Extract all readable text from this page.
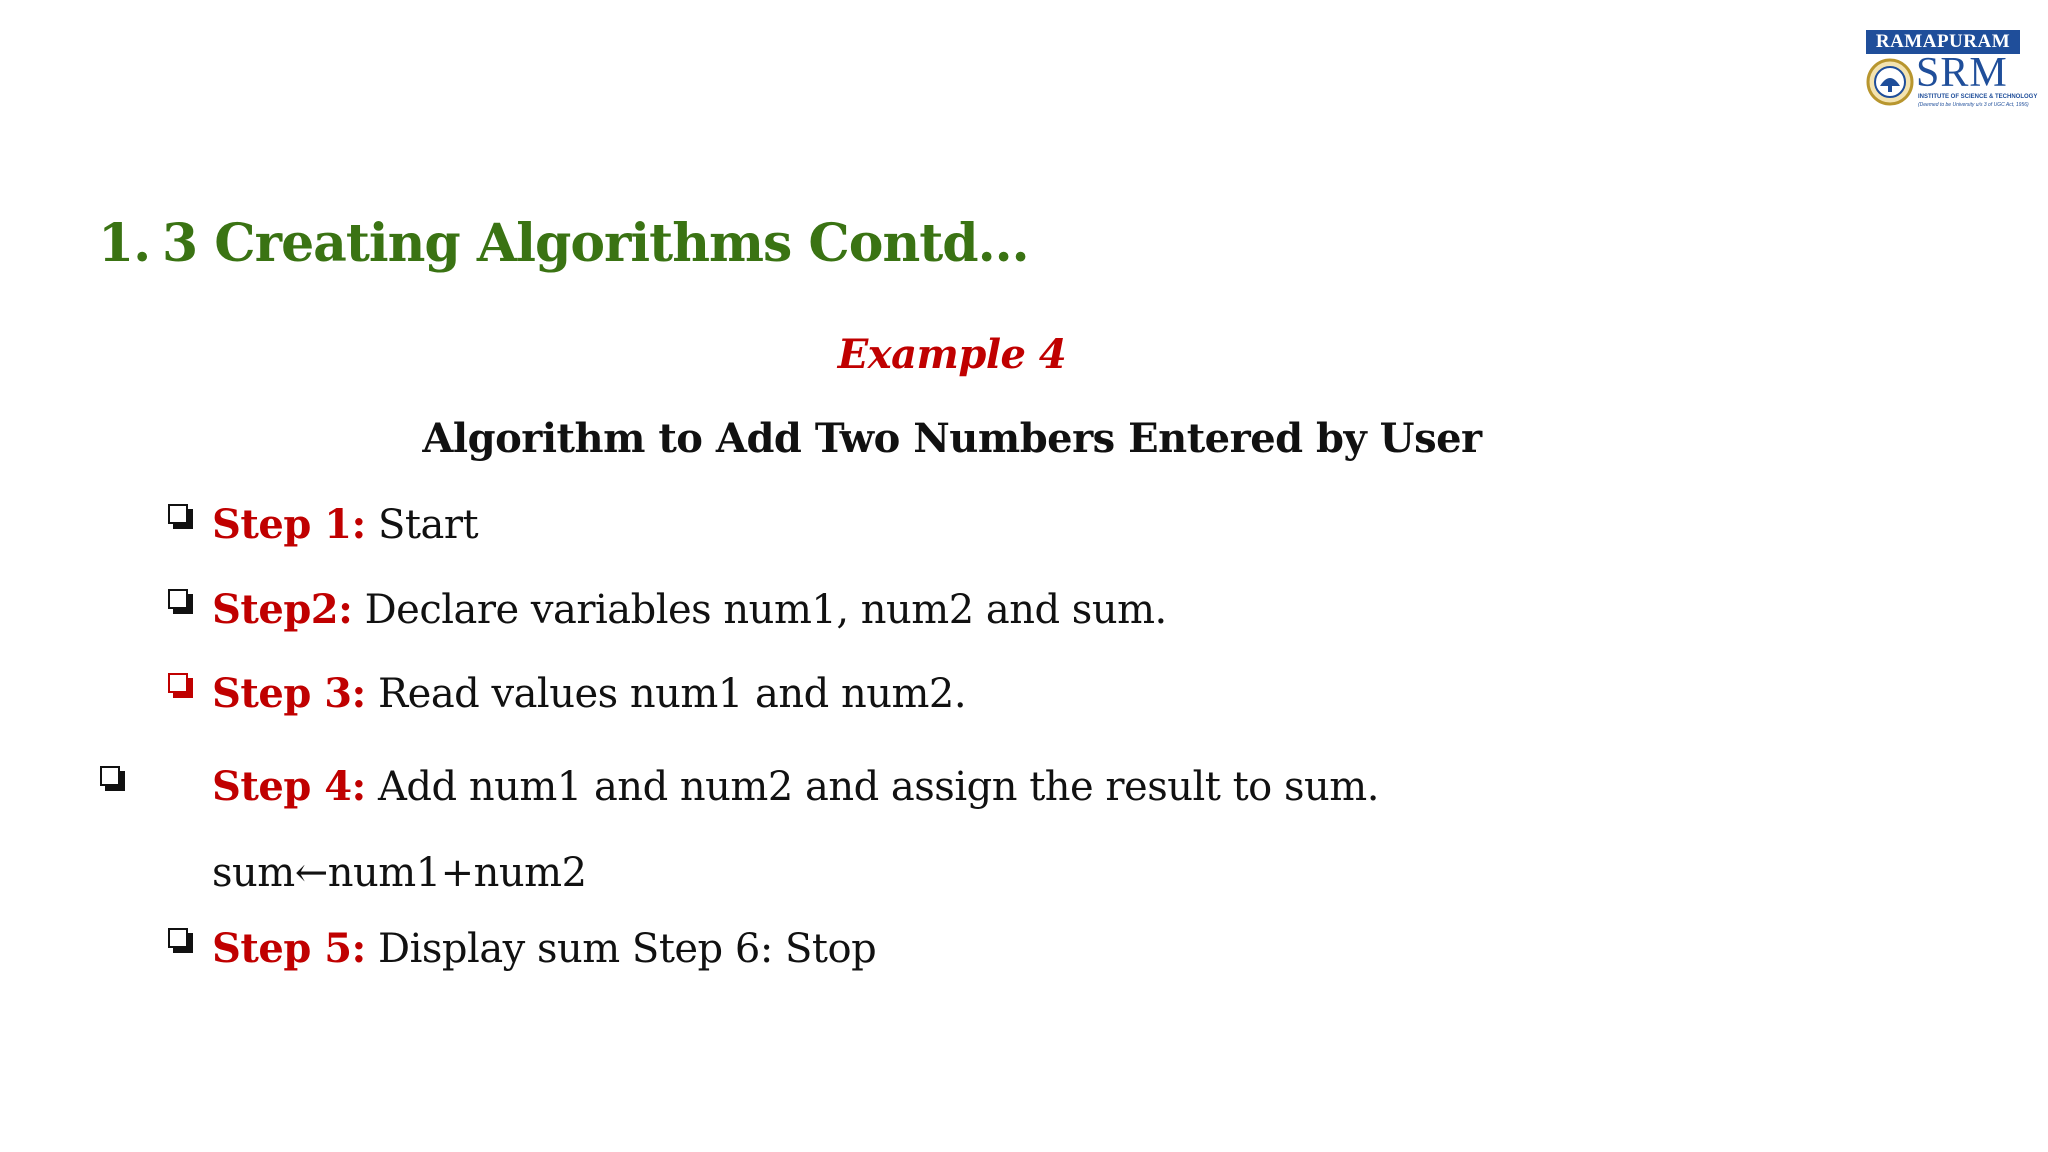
RAMAPURAM
SRM
INSTITUTE OF SCIENCE & TECHNOLOGY
(Deemed to be University u/s 3 of UGC Act, 1956)
1. 3 Creating Algorithms Contd…
Example 4
Algorithm to Add Two Numbers Entered by User
Step 1: Start
Step2: Declare variables num1, num2 and sum.
Step 3: Read values num1 and num2.
Step 4: Add num1 and num2 and assign the result to sum.
sum←num1+num2
Step 5: Display sum Step 6: Stop
